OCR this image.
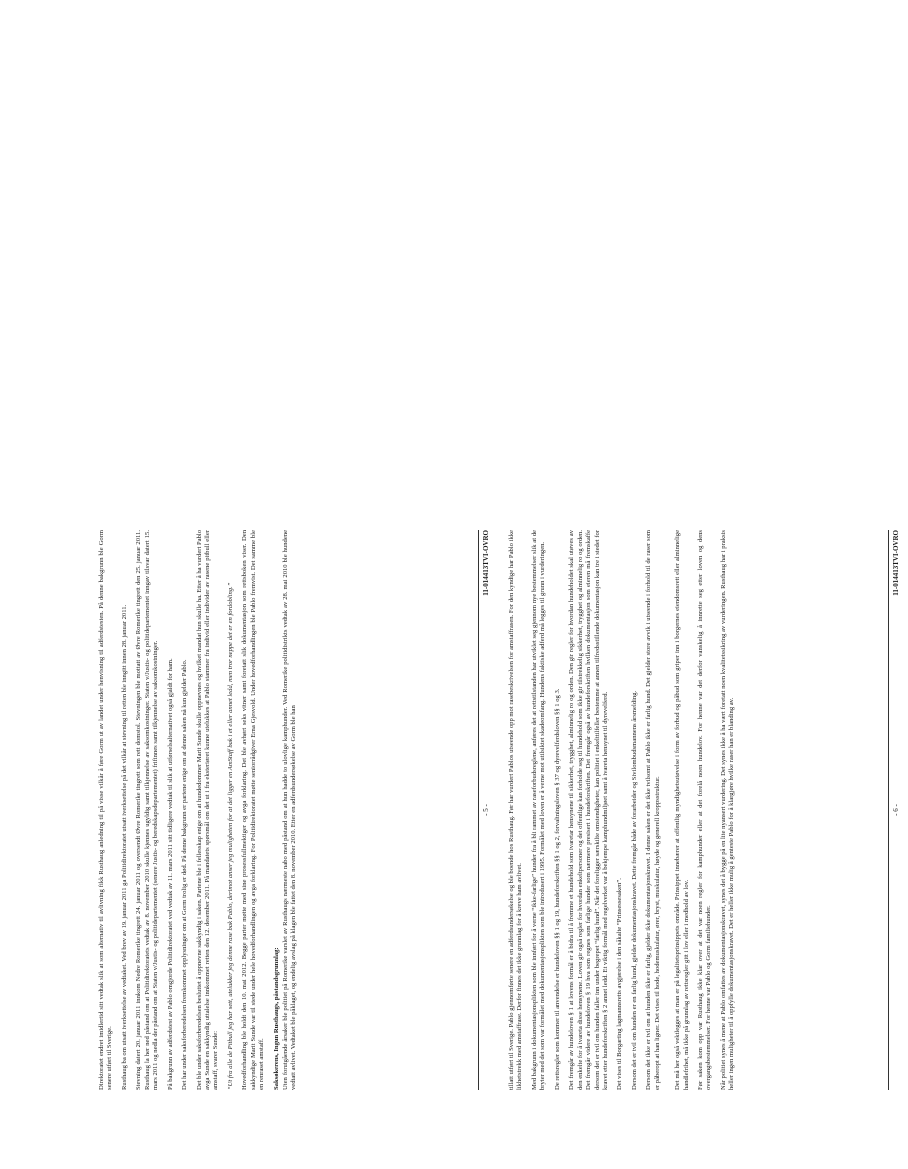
Direktoratet endret imidlertid sitt vedtak slik at som alternativ til avlivning fikk Rusthaug anledning til på visse vilkår å føre Gorm ut av landet under henvisning til adferdstesten. På denne bakgrunn ble Gorm senere utført til Sverige. Rusthaug ba om utsatt iverksettelse av vedtaket. Ved brev av 19. januar 2011 ga Politidirektoratet utsatt iverksettelse på det vilkår at stevning til retten ble inngitt innen 28. januar 2011. Stevning datert 20. januar 2011 innkom Nedre Romerike tingrett 24. januar 2011 og oversendt Øvre Romerike tingrett som rett domstol. Stevningen ble mottatt av Øvre Romerike tingrett den 25. januar 2011. Rusthaug la her ned påstand om at Politidirektoratets vedtak av 8. november 2010 skulle kjennes ugyldig samt tilkjennelse av saksomkostninger. Staten v/Justis- og politidepartementet inngav tilsvar datert 15. mars 2011 og nedla der påstand om at Staten v/Justis- og politidepartementet (senere Justis- og beredskapsdepartementet) frifinnes samt tilkjennelse av saksomkostninger. På bakgrunn av adferdstest av Pablo omgjorde Politidirektoratet ved vedtak av 11. mars 2011 sitt tidligere vedtak til slik at utførselsalternativet også gjaldt for ham. Det har under saksforberedelsen fremkommet opplysninger om at Gorm trolig er død. På denne bakgrunn er partene enige om at denne saken nå kun gjelder Pablo. Det ble under saksforberedelsen besluttet å oppnevne sakkyndig i saken. Partene ble i fellesskap enige om at hundedommer Marit Sunde skulle oppnevnes og hvilket mandat hun skulle ha. Etter å ha vurdert Pablo avga Sunde en sakkyndig uttalelse innkommet retten den 12. desember 2011. På mandatets spørsmål om det ut i fra eksteriøret kunne utelukkes at Pablo stammer fra individ eller individer av rasene pitbull eller amstaff, svarer Sunde: “Ut fra alle de Pitbull jeg har sett, utelukker jeg denne rase bak Pablo, derimot anser jeg muligheten for at det ligger en AmStaff bak i et eller annet ledd, men tror neppe det er en fordobling.” Hovedforhandling ble holdt den 10. mai 2012. Begge parter møtte med sine prosessfullmektiger og avga forklaring. Det ble avhørt seks vitner samt foretatt slik dokumentasjon som rettsboken viser. Den sakkyndige Marit Sunde var til stede under hele hovedforhandlingen og avga forklaring. For Politidirektoratet møtte seniorrådgiver Erna Gjesvold. Under hovedforhandlingen ble Pablo fremvist. Det samme ble en renraset amstaff. Saksøkerens, Ingun Rusthaugs, påstandsgrunnlag: Uten forutgående årsaker ble politiet på Romerike varslet av Rusthaugs nærmeste nabo med påstand om at hun hadde to ulovlige kamphunder. Ved Romerike politidistrikts vedtak av 28. mai 2010 ble hundene vedtatt avlivet. Vedtaket ble påklaget, og endelig avslag på klagen ble fattet den 8. november 2010. Etter en adferdsundersøkelse av Gorm ble han	- 5 -
11-014413TVI-OVRO	tillatt utført til Sverige. Pablo gjennomførte senere en adferdsundersøkelse og ble boende hos Rusthaug. Før har vurdert Pablos utseende opp mot rasebeskrivelsen for amstaffrasen. For den kyndige har Pablo ikke likhetstrekk med amstaffrase. Derfor finnes det ikke grunnlag for å kreve ham avlivet. Med bakgrunn i dokumentasjonsplikten som ble innført for å verne “ikke-farlige” hunder fra å bli rammet av raseforbudsreglene, anføres det at rettstilstanden har utviklet seg gjennom nye bestemmelser slik at de bryter med det som var formålet med dokumentasjonsplikten som ble introdusert i 1995. Formålet med loven er å verne mot utilsiktet skadeomfang. Hundens faktiske adferd må legges til grunn i vurderingen. De rettsregler som kommer til anvendelse er hundeloven §§ 1 og 19, hundeforskriften §§ 1 og 2, forvaltningsloven § 37 og dyrevelferdsloven §§ 1 og 3. Det fremgår av hundeloven § 1 at lovens formål er å bidra til å fremme et hundehold som ivaretar hensynene til sikkerhet, trygghet, alminnelig ro og orden. Den gir regler for hvordan hundeholdet skal utøves av den enkelte for å ivareta disse hensynene. Loven gir også regler for hvordan enkeltpersoner og det offentlige kan forholde seg til hundehold som ikke gir tilstrekkelig sikkerhet, trygghet og alminnelig ro og orden. Det fremgår videre av hundeloven § 19 hva som regnes som farlige hunder som nærmere presisert i hundeforskriften. Det fremgår også av hundeforskriften hvilken dokumentasjon som eieren må fremskaffe dersom det er tvil om hunden faller inn under begrepet “farlig hund”. Når det foreligger særskilte omstendigheter, kan politiet i enkelttilfeller bestemme at annen tilfredsstillende dokumentasjon kan tre i stedet for kravet etter hundeforskriften § 2 annet ledd. Et viktig formål med regelverket var å bekjempe kamphundmiljøet samt å ivareta hensynet til dyrevelferd. Det vises til Borgarting lagmannsretts avgjørelse i den såkalte “Prinsessesaken”. Dersom det er tvil om hunden er en farlig hund, gjelder dokumentasjonskravet. Dette fremgår både av forarbeider og Sivilombudsmannens årsmelding. Dersom det ikke er tvil om at hunden ikke er farlig, gjelder ikke dokumentasjonskravet. I denne saken er det ikke tvilsomt at Pablo ikke er farlig hund. Det gjelder store avvik i utseende i forhold til de raser som er påberopt at han ligner. Det vises til hode, hodemuskulatur, ører, bryst, muskulatur, høyde og generell kroppsstruktur. Det må her også vektlegges at man er på legalitetsprinsippets område. Prinsippet innebærer at offentlig myndighetsutøvelse i form av forbud og påbud som griper inn i borgernes eiendomsrett eller alminnelige handlefrihet, må ikke på grunnlag av rettsregler gitt i lov eller i medhold av lov. Før saken kom opp var Rusthaug ikke klar over at det var noen regler for kamphunder eller at det forelå noen hundelov. For henne var det derfor vanskelig å innrette seg etter loven og dens overgangsbestemmelser. For henne var Pablo og Gorm familiehunder. Når politiet synes å mene at Pablo omfattes av dokumentasjonskravet, synes det å bygge på en lite nyansert vurdering. Det synes ikke å ha vært foretatt noen kvalitetssikring av vurderingen. Rusthaug har i praksis heller ingen muligheter til å oppfylle dokumentasjonskravet. Det er heller ikke mulig å genteste Pablo for å klargjøre hvilke raser han er blanding av.	- 6 -
11-014413TVI-OVRO
